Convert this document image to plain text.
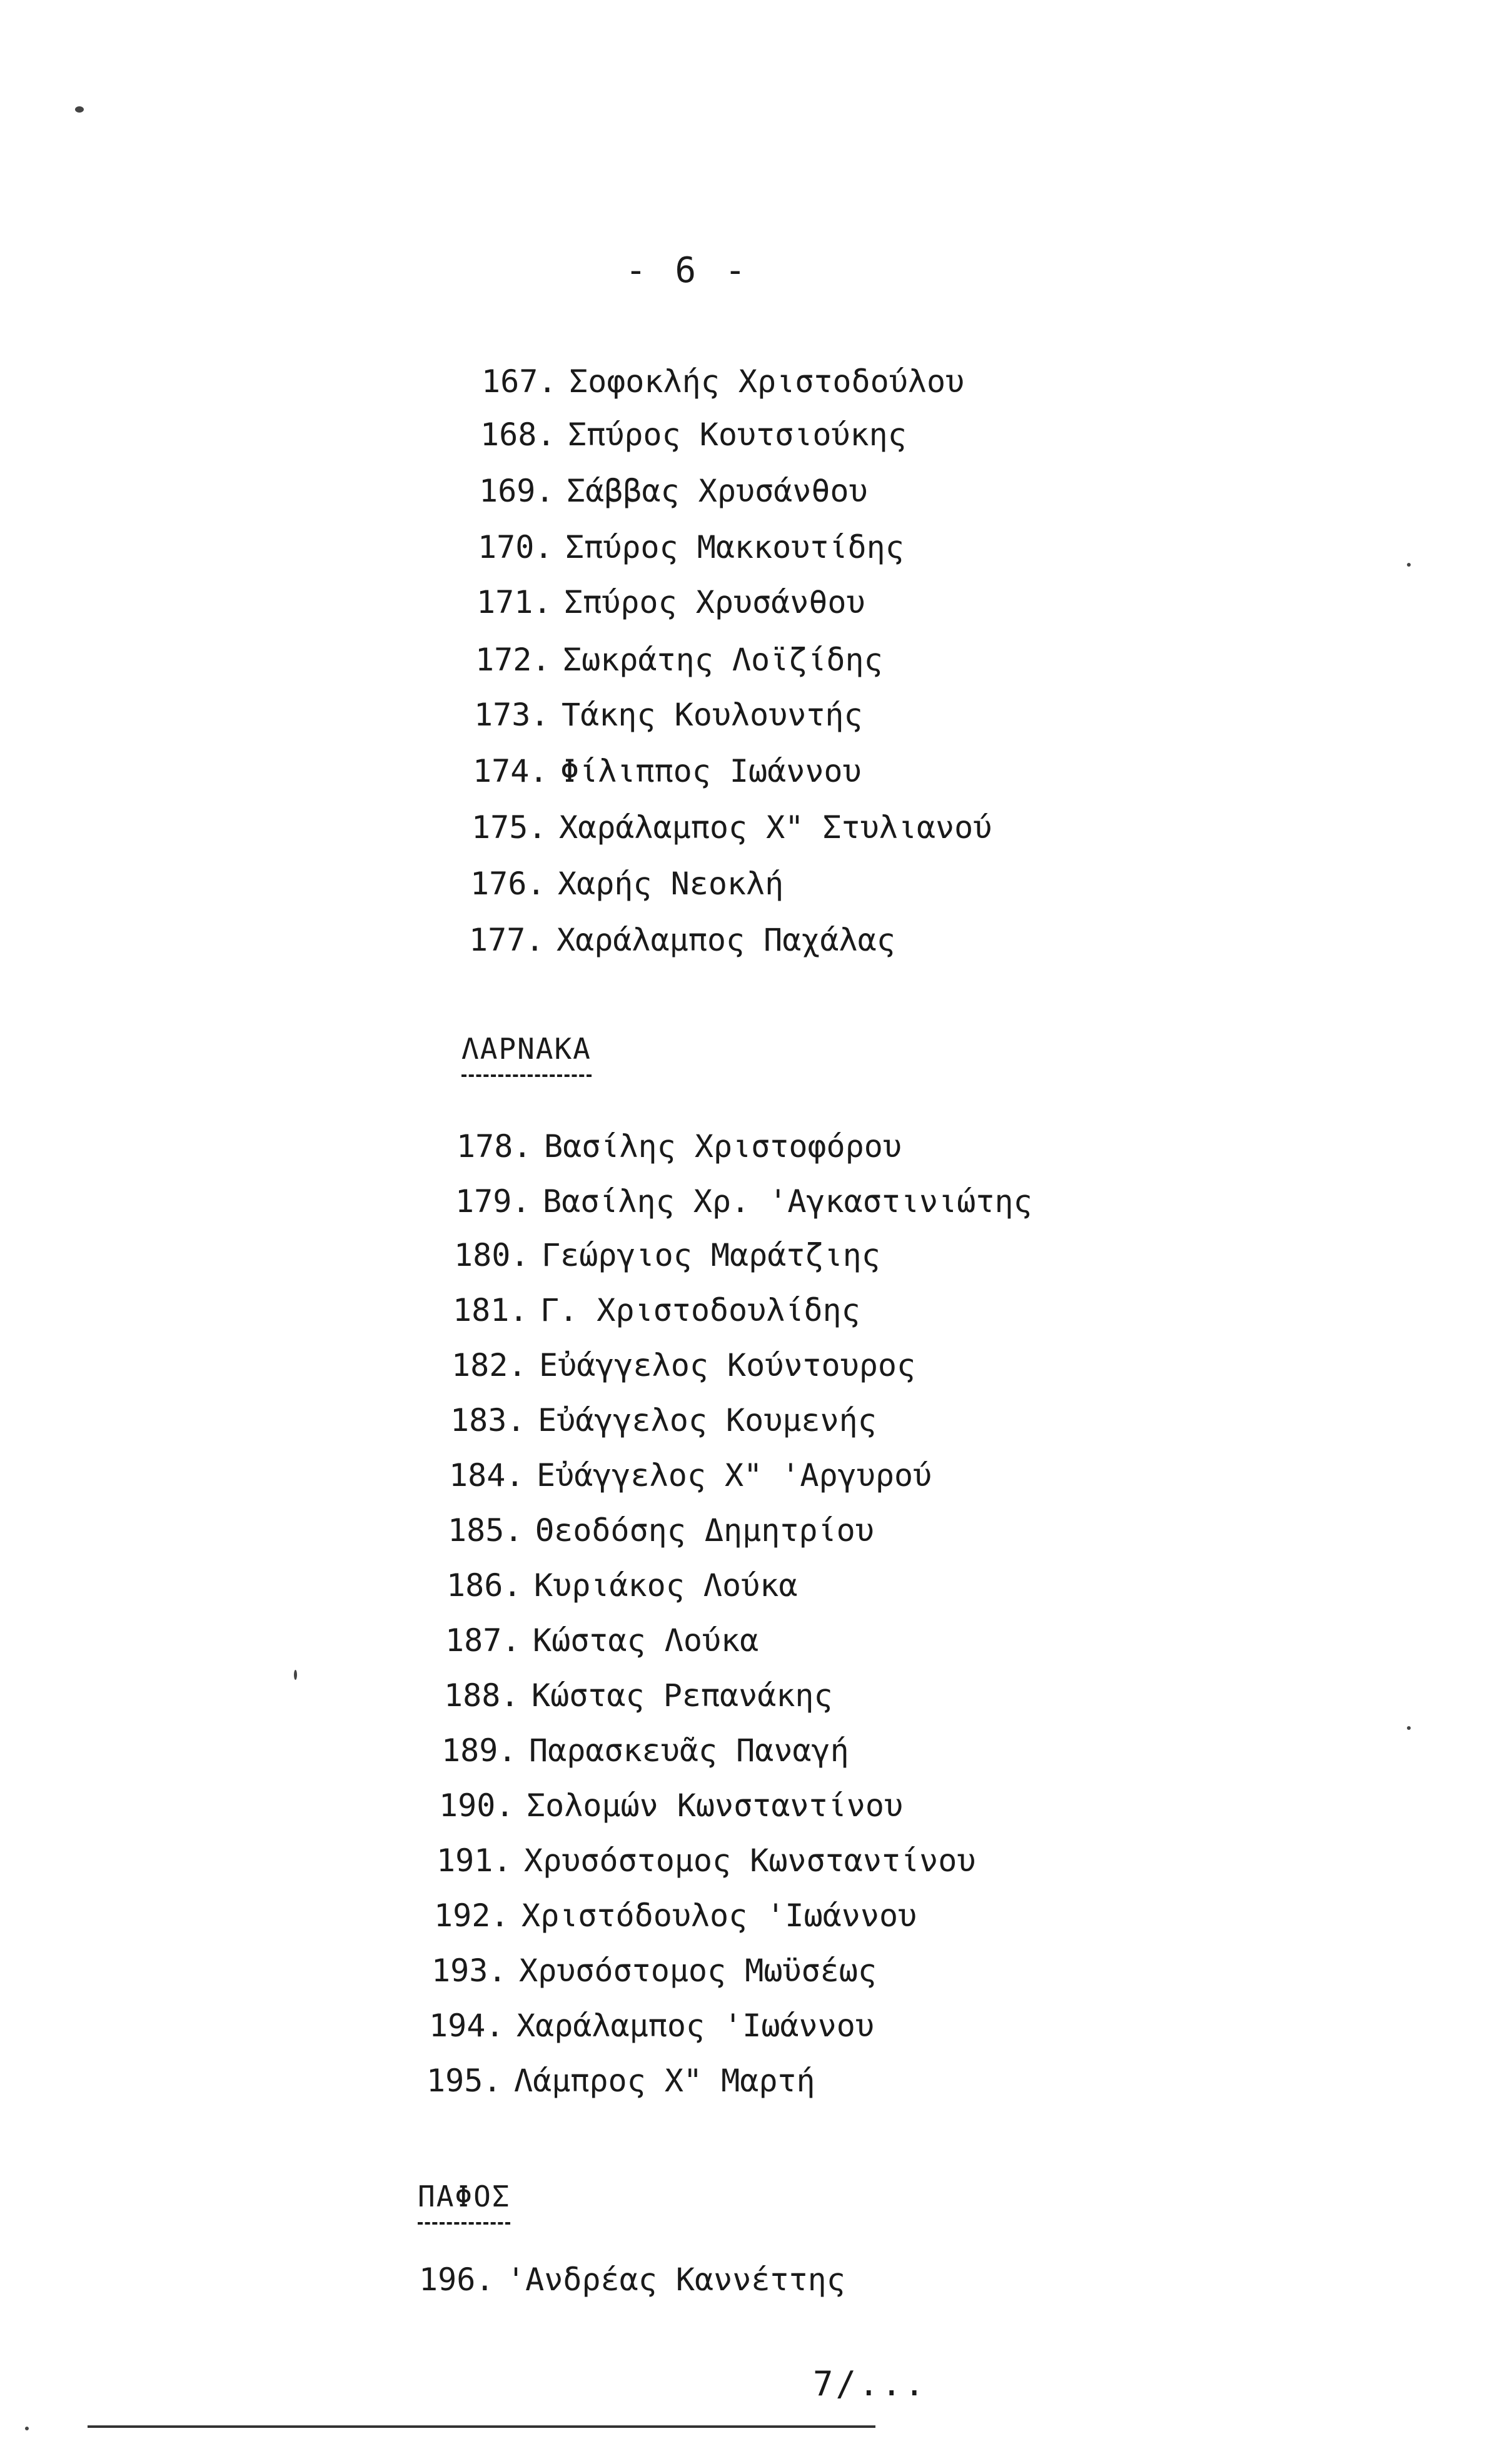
- 6 -
167. Σοφοκλής Χριστοδούλου
168. Σπύρος Κουτσιούκης
169. Σάββας Χρυσάνθου
170. Σπύρος Μακκουτίδης
171. Σπύρος Χρυσάνθου
172. Σωκράτης Λοϊζίδης
173. Τάκης Κουλουντής
174. Φίλιππος Ιωάννου
175. Χαράλαμπος Χ" Στυλιανού
176. Χαρής Νεοκλή
177. Χαράλαμπος Παχάλας
ΛΑΡΝΑΚΑ
178. Βασίλης Χριστοφόρου
179. Βασίλης Χρ. 'Αγκαστινιώτης
180. Γεώργιος Μαράτζιης
181. Γ. Χριστοδουλίδης
182. Εὐάγγελος Κούντουρος
183. Εὐάγγελος Κουμενής
184. Εὐάγγελος Χ" 'Αργυρού
185. Θεοδόσης Δημητρίου
186. Κυριάκος Λούκα
187. Κώστας Λούκα
188. Κώστας Ρεπανάκης
189. Παρασκευᾶς Παναγή
190. Σολομών Κωνσταντίνου
191. Χρυσόστομος Κωνσταντίνου
192. Χριστόδουλος 'Ιωάννου
193. Χρυσόστομος Μωϋσέως
194. Χαράλαμπος 'Ιωάννου
195. Λάμπρος Χ" Μαρτή
ΠΑΦΟΣ
196. 'Ανδρέας Καννέττης
7/...
